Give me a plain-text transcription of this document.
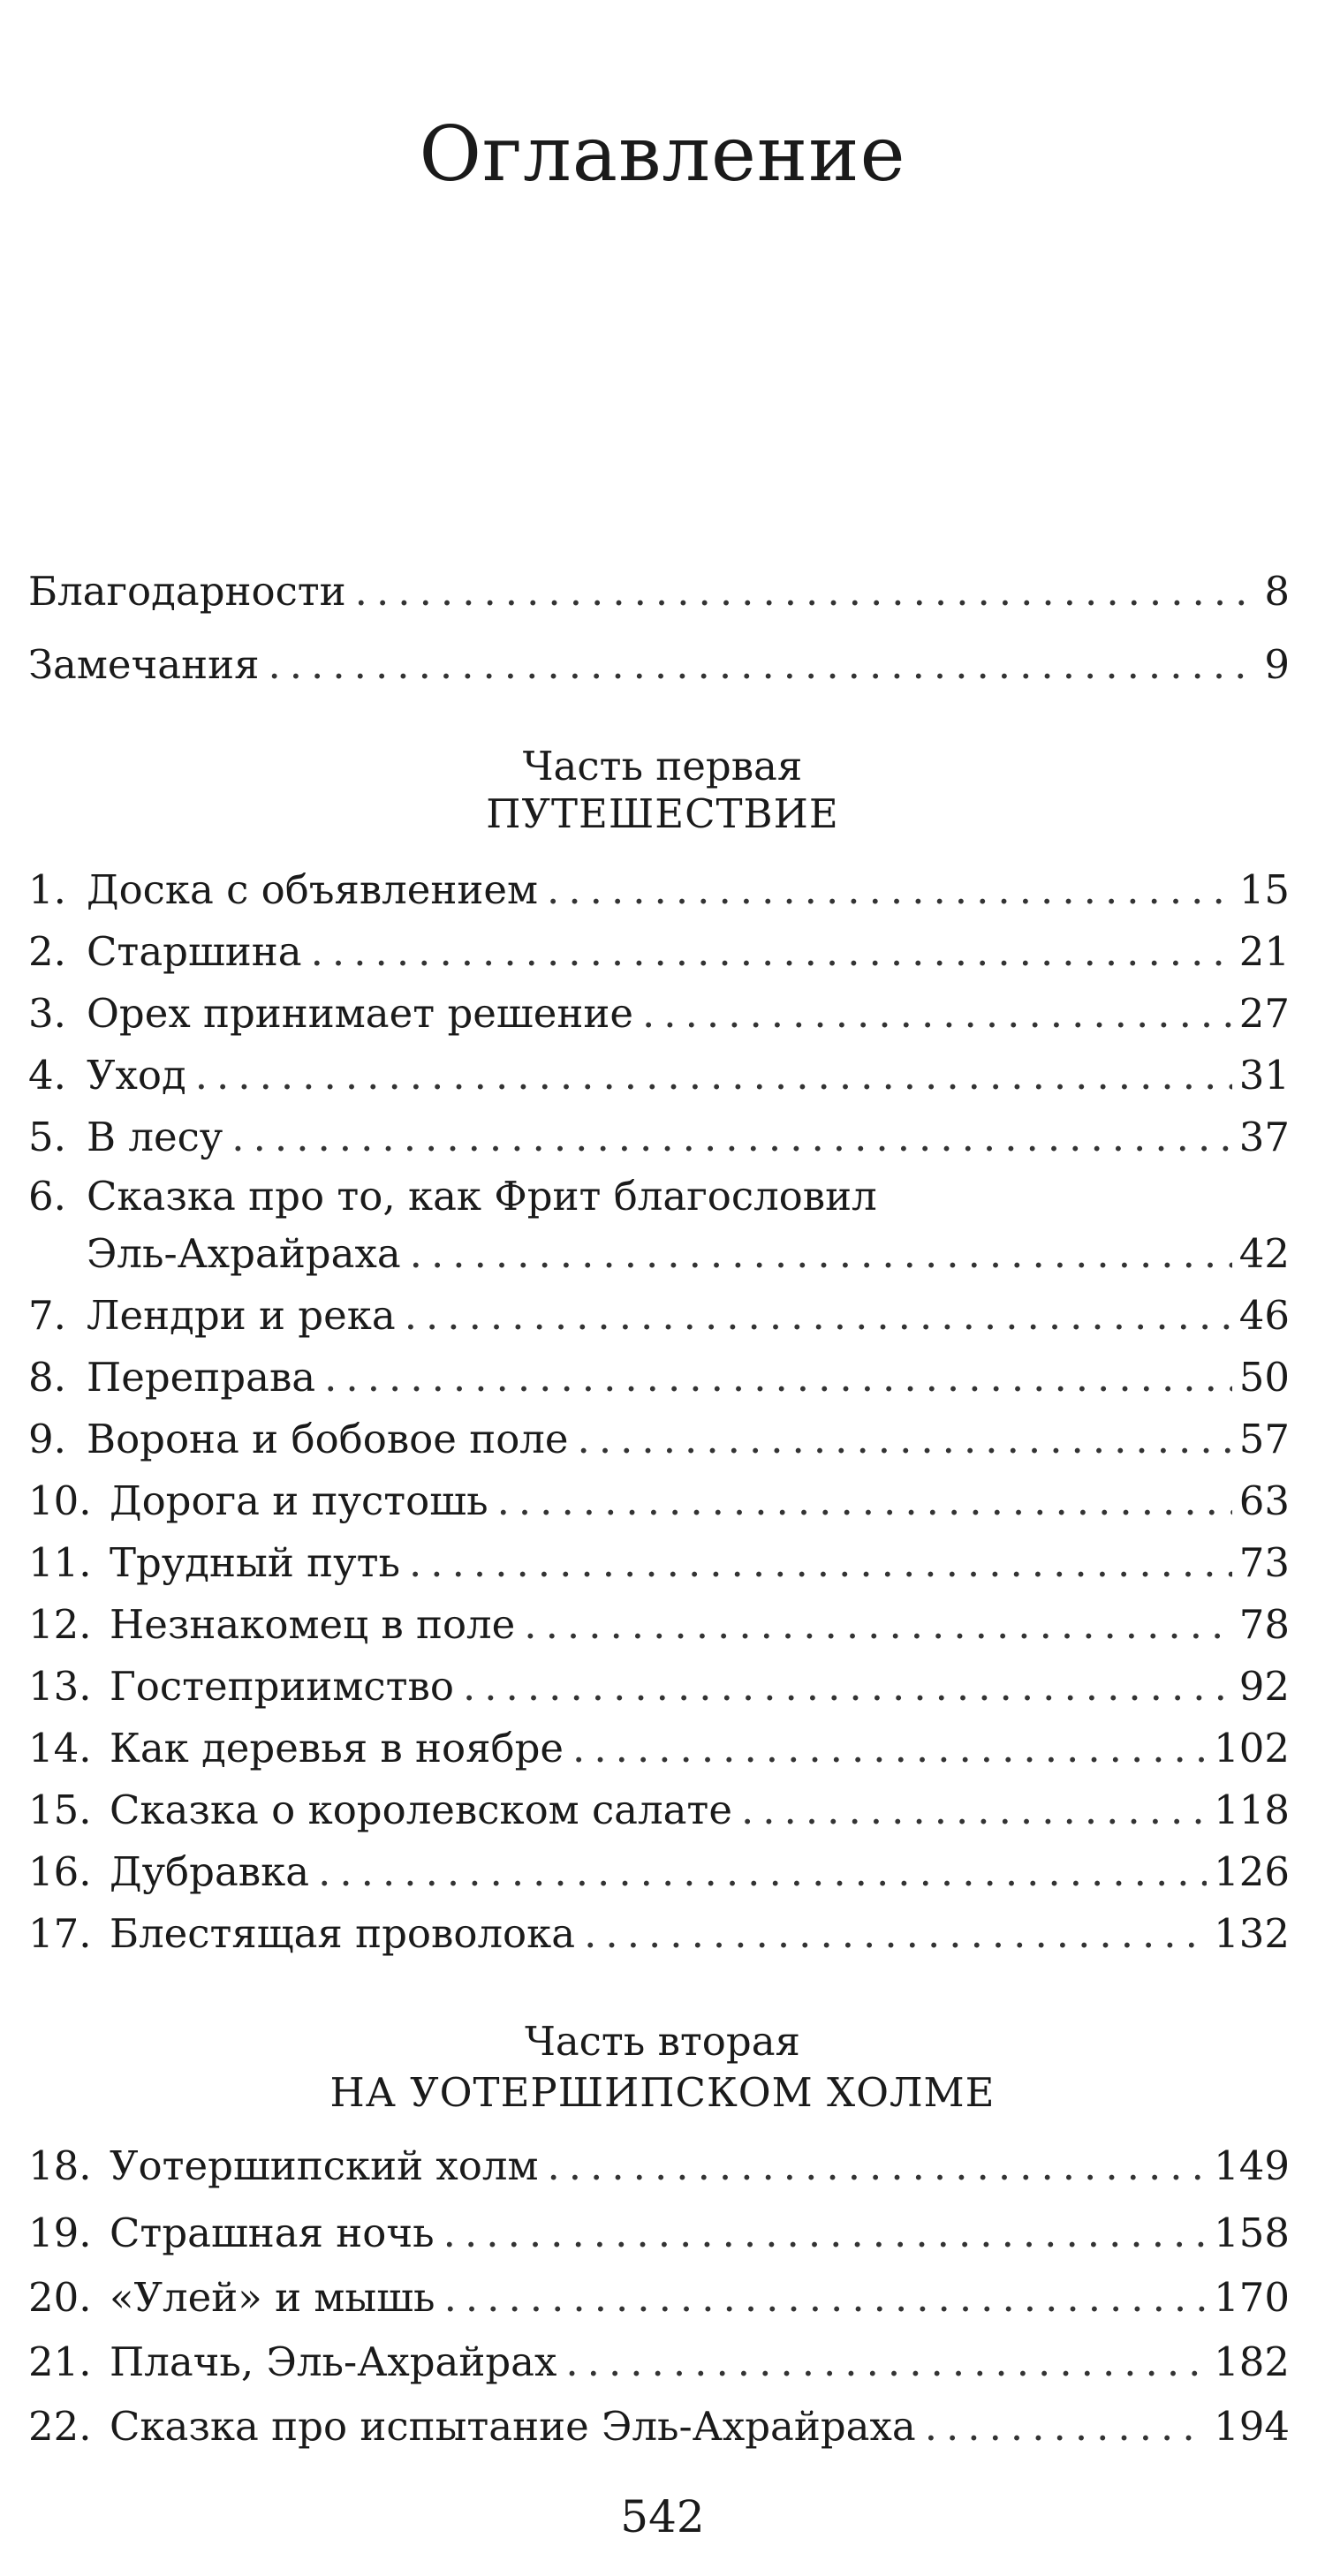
Оглавление
Благодарности .....	8
Замечания .....	9
Часть первая
ПУТЕШЕСТВИЕ
1. Доска с объявлением .....	15
2. Старшина .....	21
3. Орех принимает решение .....	27
4. Уход .....	31
5. В лесу .....	37
6. Сказка про то, как Фрит благословил
Эль-Ахрайраха .....	42
7. Лендри и река .....	46
8. Переправа .....	50
9. Ворона и бобовое поле .....	57
10. Дорога и пустошь .....	63
11. Трудный путь .....	73
12. Незнакомец в поле .....	78
13. Гостеприимство .....	92
14. Как деревья в ноябре .....	102
15. Сказка о королевском салате .....	118
16. Дубравка .....	126
17. Блестящая проволока .....	132
Часть вторая
НА УОТЕРШИПСКОМ ХОЛМЕ
18. Уотершипский холм .....	149
19. Страшная ночь .....	158
20. «Улей» и мышь .....	170
21. Плачь, Эль-Ахрайрах .....	182
22. Сказка про испытание Эль-Ахрайраха .....	194
542
